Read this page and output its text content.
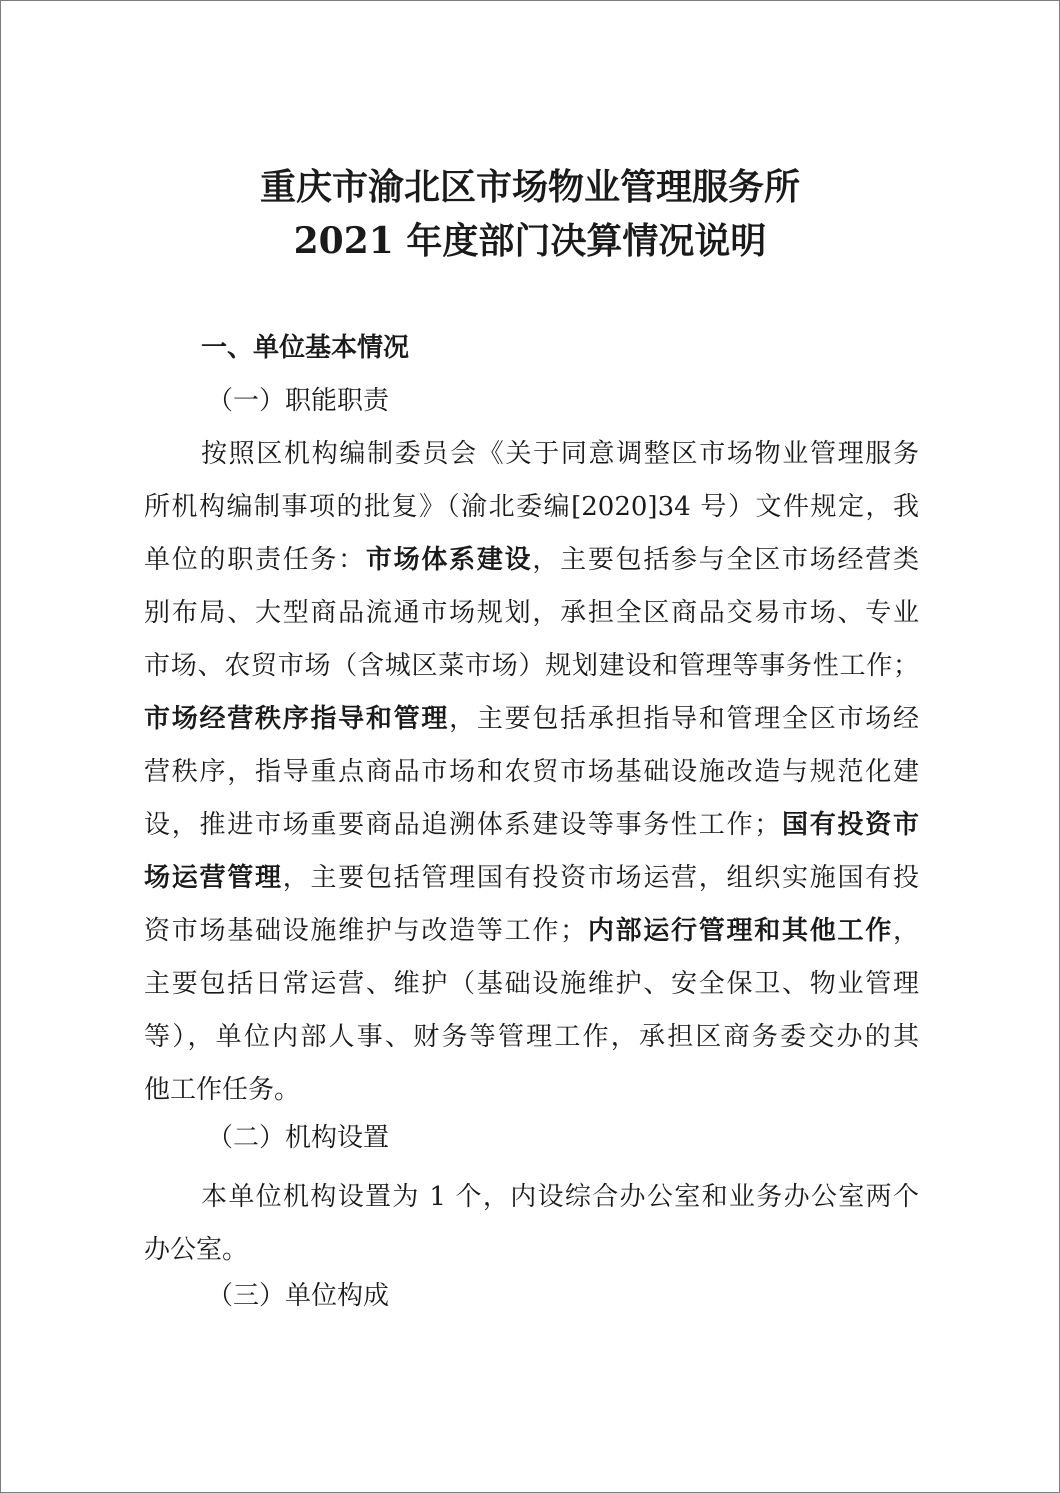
重庆市渝北区市场物业管理服务所
2021 年度部门决算情况说明
一、单位基本情况
（一）职能职责
按照区机构编制委员会《关于同意调整区市场物业管理服务
所机构编制事项的批复》（渝北委编[2020]34 号）文件规定，我
单位的职责任务：市场体系建设，主要包括参与全区市场经营类
别布局、大型商品流通市场规划，承担全区商品交易市场、专业
市场、农贸市场（含城区菜市场）规划建设和管理等事务性工作；
市场经营秩序指导和管理，主要包括承担指导和管理全区市场经
营秩序，指导重点商品市场和农贸市场基础设施改造与规范化建
设，推进市场重要商品追溯体系建设等事务性工作；国有投资市
场运营管理，主要包括管理国有投资市场运营，组织实施国有投
资市场基础设施维护与改造等工作；内部运行管理和其他工作，
主要包括日常运营、维护（基础设施维护、安全保卫、物业管理
等），单位内部人事、财务等管理工作，承担区商务委交办的其
他工作任务。
（二）机构设置
本单位机构设置为 1 个，内设综合办公室和业务办公室两个
办公室。
（三）单位构成
